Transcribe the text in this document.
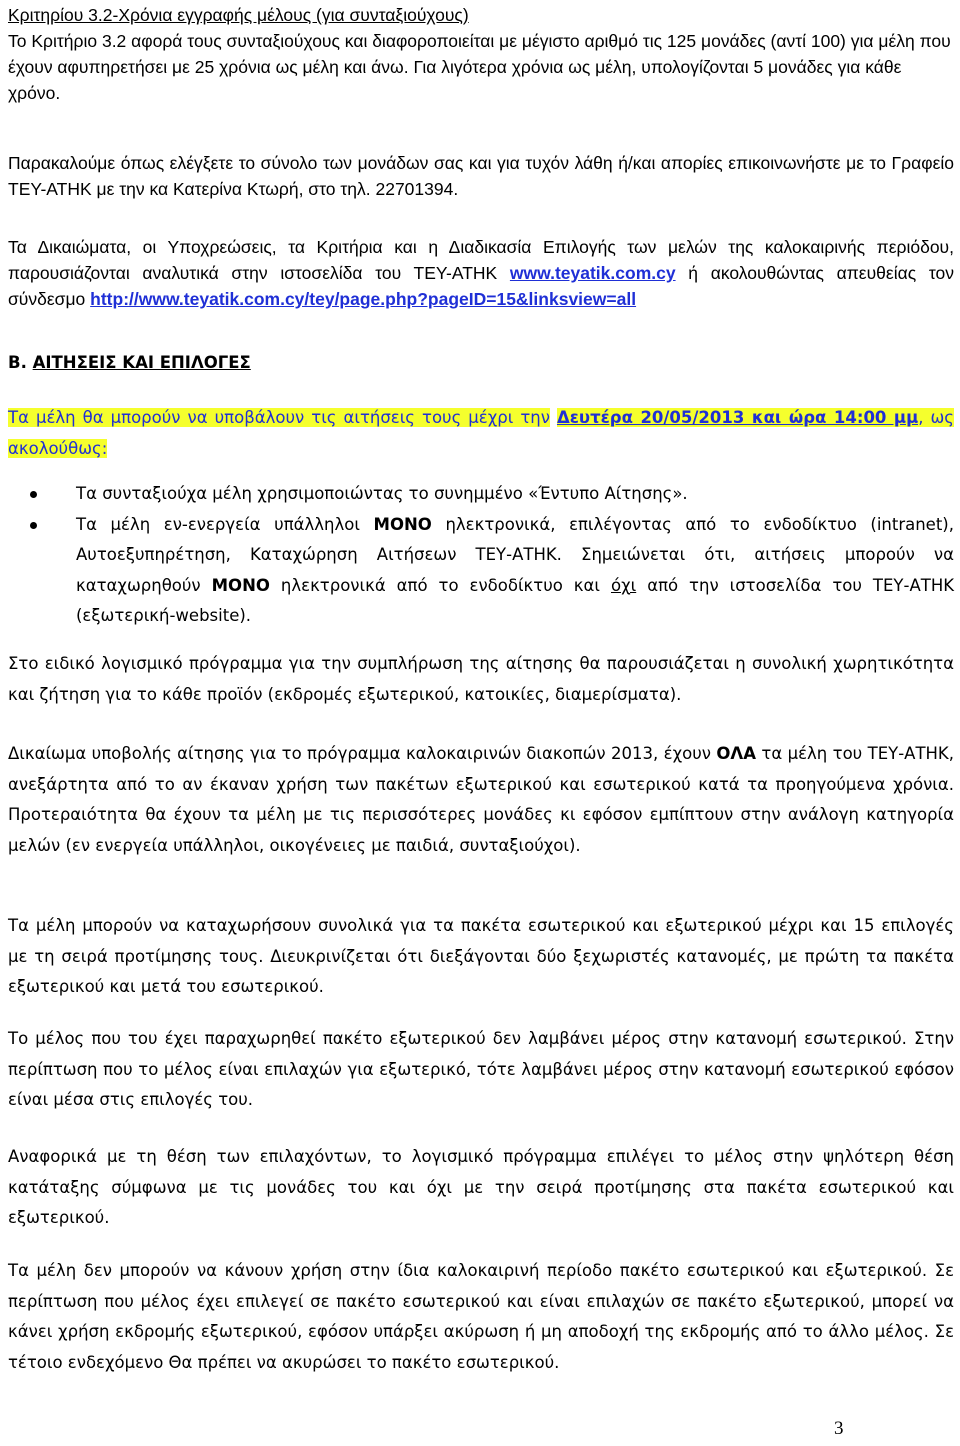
Κριτηρίου 3.2-Χρόνια εγγραφής μέλους (για συνταξιούχους)

Το Κριτήριο 3.2 αφορά τους συνταξιούχους και διαφοροποιείται με μέγιστο αριθμό τις 125 μονάδες (αντί 100) για μέλη που έχουν αφυπηρετήσει με 25 χρόνια ως μέλη και άνω. Για λιγότερα χρόνια ως μέλη, υπολογίζονται 5 μονάδες για κάθε χρόνο.

Παρακαλούμε όπως ελέγξετε το σύνολο των μονάδων σας και για τυχόν λάθη ή/και απορίες επικοινωνήστε με το Γραφείο ΤΕΥ-ΑΤΗΚ με την κα Κατερίνα Κτωρή, στο τηλ. 22701394.

Τα Δικαιώματα, οι Υποχρεώσεις, τα Κριτήρια και η Διαδικασία Επιλογής των μελών της καλοκαιρινής περιόδου, παρουσιάζονται αναλυτικά στην ιστοσελίδα του ΤΕΥ-ΑΤΗΚ www.teyatik.com.cy ή ακολουθώντας απευθείας τον σύνδεσμο http://www.teyatik.com.cy/tey/page.php?pageID=15&linksview=all

Β. ΑΙΤΗΣΕΙΣ ΚΑΙ ΕΠΙΛΟΓΕΣ

Τα μέλη θα μπορούν να υποβάλουν τις αιτήσεις τους μέχρι την Δευτέρα 20/05/2013 και ώρα 14:00 μμ, ως ακολούθως:

Τα συνταξιούχα μέλη χρησιμοποιώντας το συνημμένο «Έντυπο Αίτησης».
Τα μέλη εν-ενεργεία υπάλληλοι ΜΟΝΟ ηλεκτρονικά, επιλέγοντας από το ενδοδίκτυο (intranet), Αυτοεξυπηρέτηση, Καταχώρηση Αιτήσεων ΤΕΥ-ΑΤΗΚ. Σημειώνεται ότι, αιτήσεις μπορούν να καταχωρηθούν ΜΟΝΟ ηλεκτρονικά από το ενδοδίκτυο και όχι από την ιστοσελίδα του ΤΕΥ-ΑΤΗΚ (εξωτερική-website).

Στο ειδικό λογισμικό πρόγραμμα για την συμπλήρωση της αίτησης θα παρουσιάζεται η συνολική χωρητικότητα και ζήτηση για το κάθε προϊόν (εκδρομές εξωτερικού, κατοικίες, διαμερίσματα).

Δικαίωμα υποβολής αίτησης για το πρόγραμμα καλοκαιρινών διακοπών 2013, έχουν ΟΛΑ τα μέλη του ΤΕΥ-ΑΤΗΚ, ανεξάρτητα από το αν έκαναν χρήση των πακέτων εξωτερικού και εσωτερικού κατά τα προηγούμενα χρόνια. Προτεραιότητα θα έχουν τα μέλη με τις περισσότερες μονάδες κι εφόσον εμπίπτουν στην ανάλογη κατηγορία μελών (εν ενεργεία υπάλληλοι, οικογένειες με παιδιά, συνταξιούχοι).

Τα μέλη μπορούν να καταχωρήσουν συνολικά για τα πακέτα εσωτερικού και εξωτερικού μέχρι και 15 επιλογές με τη σειρά προτίμησης τους. Διευκρινίζεται ότι διεξάγονται δύο ξεχωριστές κατανομές, με πρώτη τα πακέτα εξωτερικού και μετά του εσωτερικού.

Το μέλος που του έχει παραχωρηθεί πακέτο εξωτερικού δεν λαμβάνει μέρος στην κατανομή εσωτερικού. Στην περίπτωση που το μέλος είναι επιλαχών για εξωτερικό, τότε λαμβάνει μέρος στην κατανομή εσωτερικού εφόσον είναι μέσα στις επιλογές του.

Αναφορικά με τη θέση των επιλαχόντων, το λογισμικό πρόγραμμα επιλέγει το μέλος στην ψηλότερη θέση κατάταξης σύμφωνα με τις μονάδες του και όχι με την σειρά προτίμησης στα πακέτα εσωτερικού και εξωτερικού.

Τα μέλη δεν μπορούν να κάνουν χρήση στην ίδια καλοκαιρινή περίοδο πακέτο εσωτερικού και εξωτερικού. Σε περίπτωση που μέλος έχει επιλεγεί σε πακέτο εσωτερικού και είναι επιλαχών σε πακέτο εξωτερικού, μπορεί να κάνει χρήση εκδρομής εξωτερικού, εφόσον υπάρξει ακύρωση ή μη αποδοχή της εκδρομής από το άλλο μέλος. Σε τέτοιο ενδεχόμενο Θα πρέπει να ακυρώσει το πακέτο εσωτερικού.

3
